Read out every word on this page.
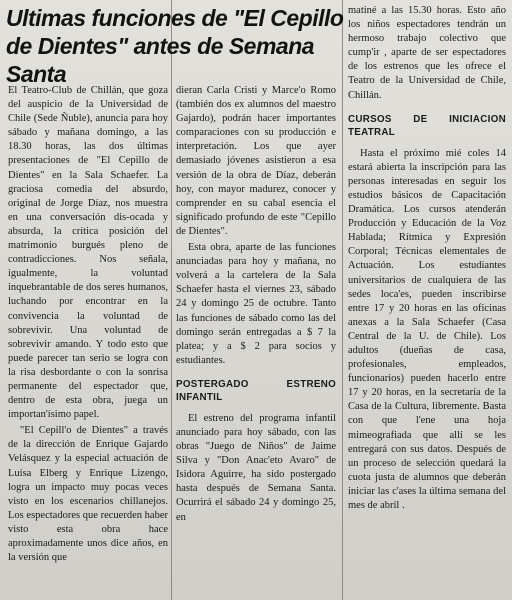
Ultimas funciones de "El Cepillo de Dientes" antes de Semana Santa

El Teatro-Club de Chillán, que goza del auspicio de la Universidad de Chile (Sede Ñuble), anuncia para hoy sábado y mañana domingo, a las 18.30 horas, las dos últimas presentaciones de "El Cepillo de Dientes" en la Sala Schaefer. La graciosa comedia del absurdo, original de Jorge Díaz, nos muestra en una conversación dis-ocada y absurda, la crítica posición del matrimonio burgués pleno de contradicciones. Nos señala, igualmente, la voluntad inquebrantable de dos seres humanos, luchando por encontrar en la convivencia la voluntad de sobrevivir. Una voluntad de sobrevivir amando. Y todo esto que puede parecer tan serio se logra con la risa desbordante o con la sonrisa permanente del espectador que, dentro de esta obra, juega un importan'ísimo papel.

"El Cepill'o de Dientes" a través de la dirección de Enrique Gajardo Velásquez y la especial actuación de Luisa Elberg y Enrique Lizengo, logra un impacto muy pocas veces visto en los escenarios chillanejos. Los espectadores que recuerden haber visto esta obra hace aproximadamente unos dice años, en la versión que

dieran Carla Cristi y Marce'o Romo (también dos ex alumnos del maestro Gajardo), podrán hacer importantes comparaciones con su producción e interpretación. Los que ayer demasiado jóvenes asistieron a esa versión de la obra de Díaz, deberán hoy, con mayor madurez, conocer y comprender en su cabal esencia el significado profundo de este "Cepillo de Dientes".

Esta obra, aparte de las funciones anunciadas para hoy y mañana, no volverá a la cartelera de la Sala Schaefer hasta el viernes 23, sábado 24 y domingo 25 de octubre. Tanto las funciones de sábado como las del domingo serán entregadas a $ 7 la platea; y a $ 2 para socios y estudiantes.

POSTERGADO ESTRENO INFANTIL

El estreno del programa infantil anunciado para hoy sábado, con las obras "Juego de Niños" de Jaime Silva y "Don Anac'eto Avaro" de Isidora Aguirre, ha sido postergado hasta después de Semana Santa. Ocurrirá el sábado 24 y domingo 25, en

matiné a las 15.30 horas. Esto año los niños espectadores tendrán un hermoso trabajo colectivo que cump'ir , aparte de ser espectadores de los estrenos que les ofrece el Teatro de la Universidad de Chile, Chillán.

CURSOS DE INICIACION TEATRAL

Hasta el próximo mié coles 14 estará abierta la inscripción para las personas interesadas en seguir los estudios básicos de Capacitación Dramática. Los cursos atenderán Producción y Educación de la Voz Hablada; Rítmica y Expresión Corporal; Técnicas elementales de Actuación. Los estudiantes universitarios de cualquiera de las sedes loca'es, pueden inscribirse entre 17 y 20 horas en las oficinas anexas a la Sala Schaefer (Casa Central de la U. de Chile). Los adultos (dueñas de casa, profesionales, empleados, funcionarios) pueden hacerlo entre 17 y 20 horas, en la secretaría de la Casa de la Cultura, libremente. Basta con que l'ene una hoja mimeografiada que allí se les entregará con sus datos. Después de un proceso de selección quedará la cuota justa de alumnos que deberán iniciar las c'ases la última semana del mes de abril .
